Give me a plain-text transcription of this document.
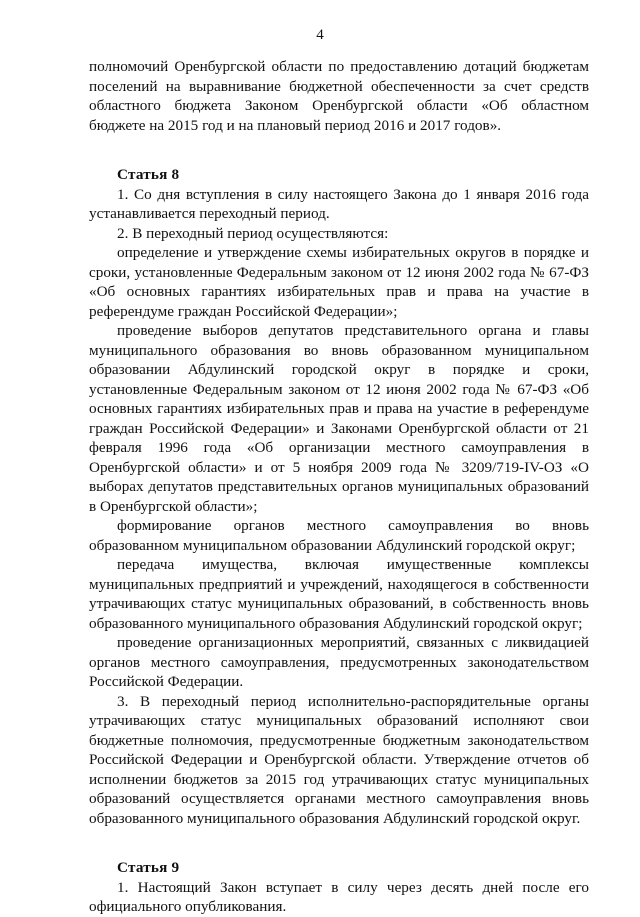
4

полномочий Оренбургской области по предоставлению дотаций бюджетам поселений на выравнивание бюджетной обеспеченности за счет средств областного бюджета Законом Оренбургской области «Об областном бюджете на 2015 год и на плановый период 2016 и 2017 годов».

Статья 8

1. Со дня вступления в силу настоящего Закона до 1 января 2016 года устанавливается переходный период.

2. В переходный период осуществляются:

определение и утверждение схемы избирательных округов в порядке и сроки, установленные Федеральным законом от 12 июня 2002 года № 67-ФЗ «Об основных гарантиях избирательных прав и права на участие в референдуме граждан Российской Федерации»;

проведение выборов депутатов представительного органа и главы муниципального образования во вновь образованном муниципальном образовании Абдулинский городской округ в порядке и сроки, установленные Федеральным законом от 12 июня 2002 года № 67-ФЗ «Об основных гарантиях избирательных прав и права на участие в референдуме граждан Российской Федерации» и Законами Оренбургской области от 21 февраля 1996 года «Об организации местного самоуправления в Оренбургской области» и от 5 ноября 2009 года № 3209/719-IV-ОЗ «О выборах депутатов представительных органов муниципальных образований в Оренбургской области»;

формирование органов местного самоуправления во вновь образованном муниципальном образовании Абдулинский городской округ;

передача имущества, включая имущественные комплексы муниципальных предприятий и учреждений, находящегося в собственности утрачивающих статус муниципальных образований, в собственность вновь образованного муниципального образования Абдулинский городской округ;

проведение организационных мероприятий, связанных с ликвидацией органов местного самоуправления, предусмотренных законодательством Российской Федерации.

3. В переходный период исполнительно-распорядительные органы утрачивающих статус муниципальных образований исполняют свои бюджетные полномочия, предусмотренные бюджетным законодательством Российской Федерации и Оренбургской области. Утверждение отчетов об исполнении бюджетов за 2015 год утрачивающих статус муниципальных образований осуществляется органами местного самоуправления вновь образованного муниципального образования Абдулинский городской округ.

Статья 9

1. Настоящий Закон вступает в силу через десять дней после его официального опубликования.
